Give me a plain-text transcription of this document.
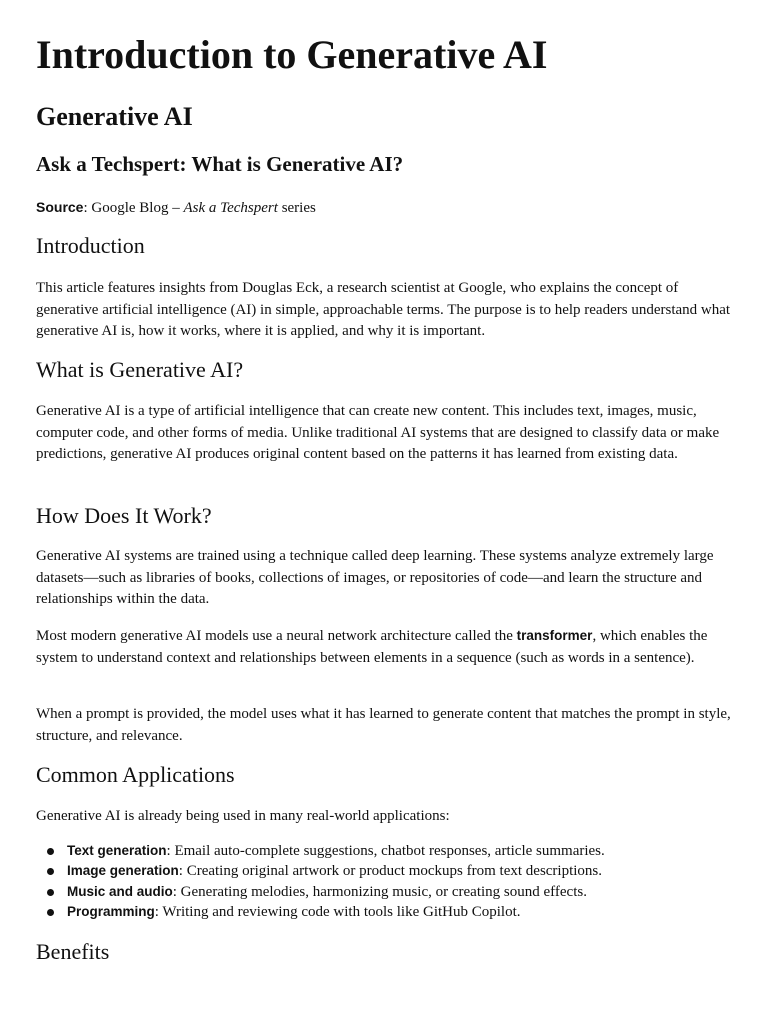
Introduction to Generative AI
Generative AI
Ask a Techspert: What is Generative AI?

Source: Google Blog – Ask a Techspert series

Introduction

This article features insights from Douglas Eck, a research scientist at Google, who explains the concept of generative artificial intelligence (AI) in simple, approachable terms. The purpose is to help readers understand what generative AI is, how it works, where it is applied, and why it is important.

What is Generative AI?

Generative AI is a type of artificial intelligence that can create new content. This includes text, images, music, computer code, and other forms of media. Unlike traditional AI systems that are designed to classify data or make predictions, generative AI produces original content based on the patterns it has learned from existing data.

How Does It Work?

Generative AI systems are trained using a technique called deep learning. These systems analyze extremely large datasets—such as libraries of books, collections of images, or repositories of code—and learn the structure and relationships within the data.

Most modern generative AI models use a neural network architecture called the transformer, which enables the system to understand context and relationships between elements in a sequence (such as words in a sentence).

When a prompt is provided, the model uses what it has learned to generate content that matches the prompt in style, structure, and relevance.

Common Applications

Generative AI is already being used in many real-world applications:

Text generation: Email auto-complete suggestions, chatbot responses, article summaries.
Image generation: Creating original artwork or product mockups from text descriptions.
Music and audio: Generating melodies, harmonizing music, or creating sound effects.
Programming: Writing and reviewing code with tools like GitHub Copilot.
Benefits
